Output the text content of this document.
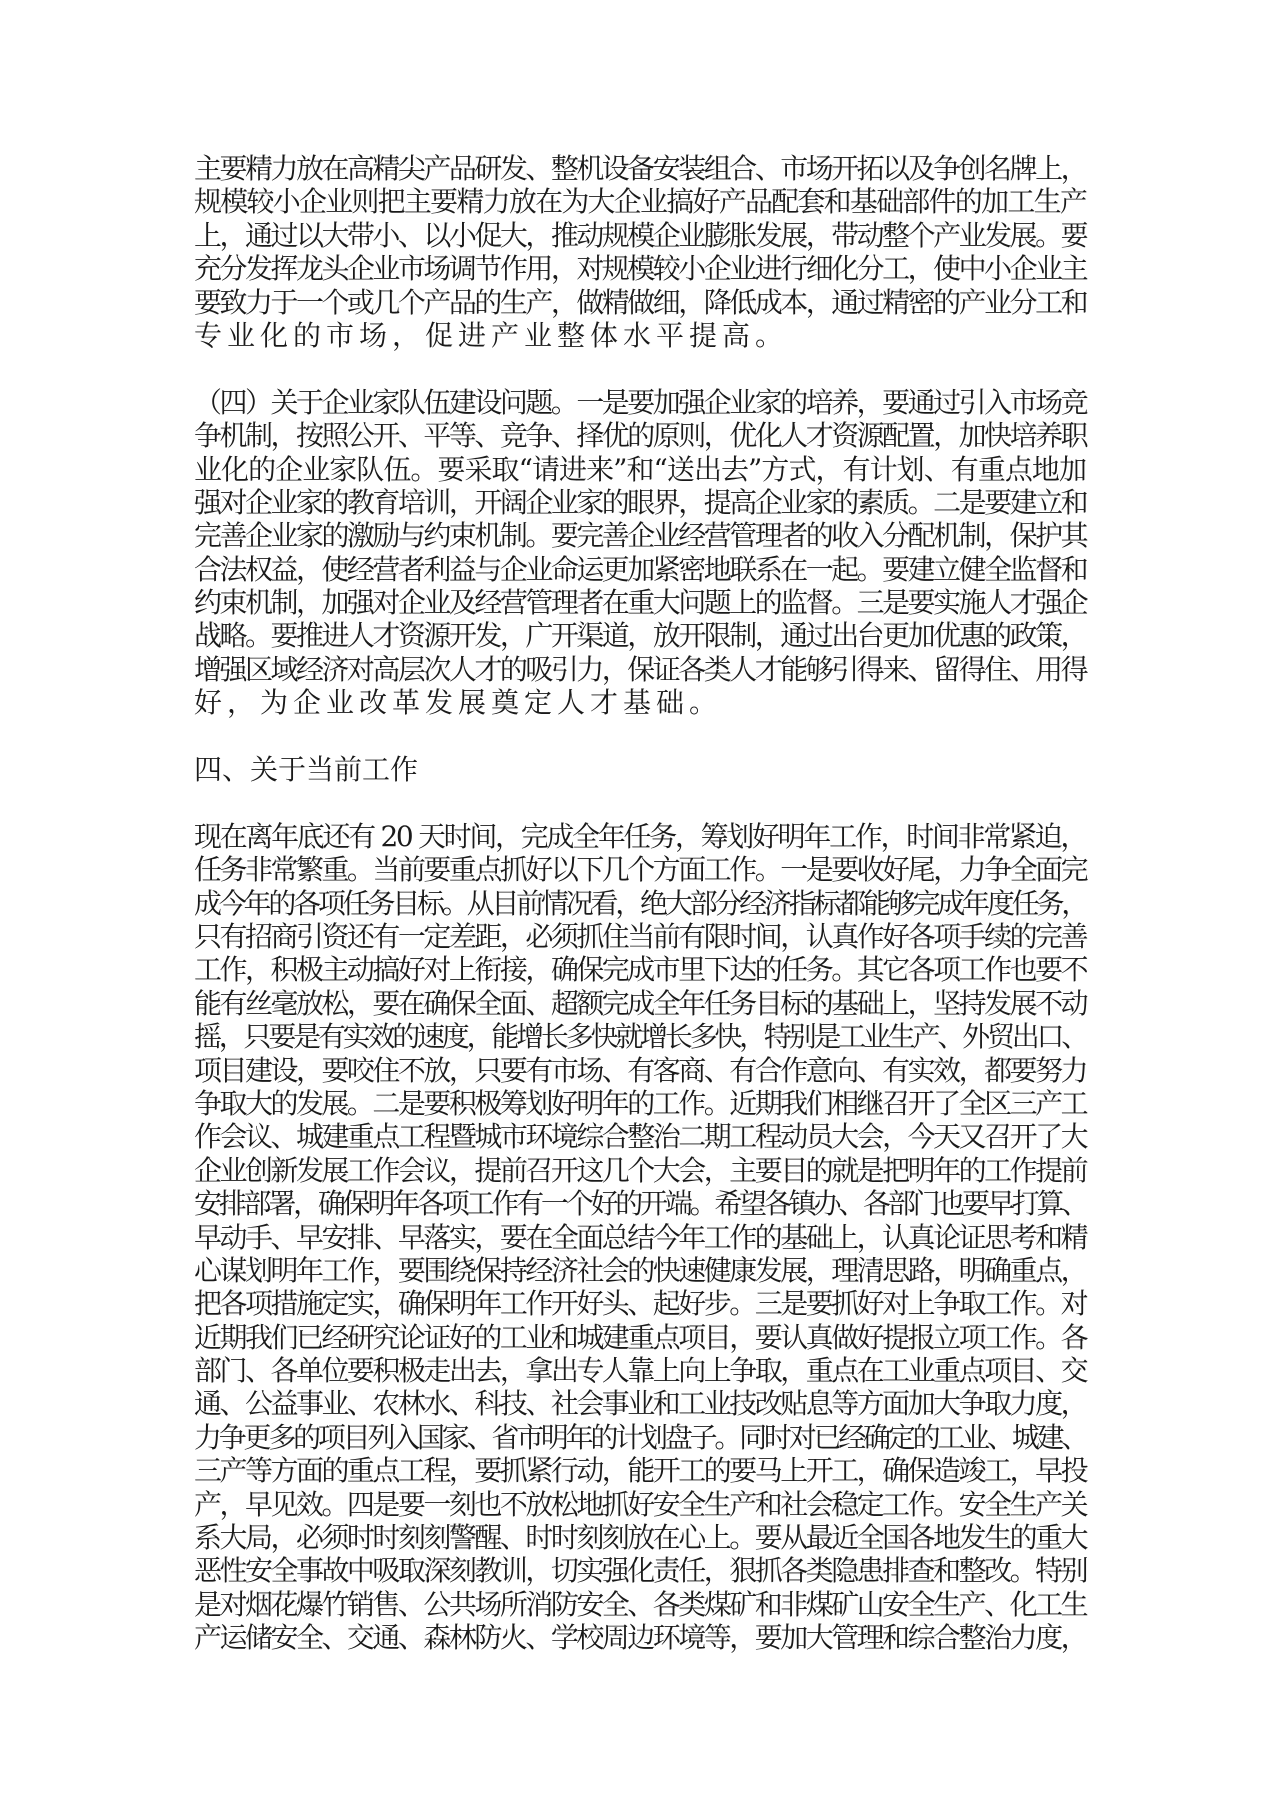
主要精力放在高精尖产品研发、整机设备安装组合、市场开拓以及争创名牌上，
规模较小企业则把主要精力放在为大企业搞好产品配套和基础部件的加工生产
上，通过以大带小、以小促大，推动规模企业膨胀发展，带动整个产业发展。要
充分发挥龙头企业市场调节作用，对规模较小企业进行细化分工，使中小企业主
要致力于一个或几个产品的生产，做精做细，降低成本，通过精密的产业分工和
专业化的市场，促进产业整体水平提高。
（四）关于企业家队伍建设问题。一是要加强企业家的培养，要通过引入市场竞
争机制，按照公开、平等、竞争、择优的原则，优化人才资源配置，加快培养职
业化的企业家队伍。要采取“请进来”和“送出去”方式，有计划、有重点地加
强对企业家的教育培训，开阔企业家的眼界，提高企业家的素质。二是要建立和
完善企业家的激励与约束机制。要完善企业经营管理者的收入分配机制，保护其
合法权益，使经营者利益与企业命运更加紧密地联系在一起。要建立健全监督和
约束机制，加强对企业及经营管理者在重大问题上的监督。三是要实施人才强企
战略。要推进人才资源开发，广开渠道，放开限制，通过出台更加优惠的政策，
增强区域经济对高层次人才的吸引力，保证各类人才能够引得来、留得住、用得
好，为企业改革发展奠定人才基础。
四、关于当前工作
现在离年底还有 20 天时间，完成全年任务，筹划好明年工作，时间非常紧迫，
任务非常繁重。当前要重点抓好以下几个方面工作。一是要收好尾，力争全面完
成今年的各项任务目标。从目前情况看，绝大部分经济指标都能够完成年度任务，
只有招商引资还有一定差距，必须抓住当前有限时间，认真作好各项手续的完善
工作，积极主动搞好对上衔接，确保完成市里下达的任务。其它各项工作也要不
能有丝毫放松，要在确保全面、超额完成全年任务目标的基础上，坚持发展不动
摇，只要是有实效的速度，能增长多快就增长多快，特别是工业生产、外贸出口、
项目建设，要咬住不放，只要有市场、有客商、有合作意向、有实效，都要努力
争取大的发展。二是要积极筹划好明年的工作。近期我们相继召开了全区三产工
作会议、城建重点工程暨城市环境综合整治二期工程动员大会，今天又召开了大
企业创新发展工作会议，提前召开这几个大会，主要目的就是把明年的工作提前
安排部署，确保明年各项工作有一个好的开端。希望各镇办、各部门也要早打算、
早动手、早安排、早落实，要在全面总结今年工作的基础上，认真论证思考和精
心谋划明年工作，要围绕保持经济社会的快速健康发展，理清思路，明确重点，
把各项措施定实，确保明年工作开好头、起好步。三是要抓好对上争取工作。对
近期我们已经研究论证好的工业和城建重点项目，要认真做好提报立项工作。各
部门、各单位要积极走出去，拿出专人靠上向上争取，重点在工业重点项目、交
通、公益事业、农林水、科技、社会事业和工业技改贴息等方面加大争取力度，
力争更多的项目列入国家、省市明年的计划盘子。同时对已经确定的工业、城建、
三产等方面的重点工程，要抓紧行动，能开工的要马上开工，确保造竣工，早投
产，早见效。四是要一刻也不放松地抓好安全生产和社会稳定工作。安全生产关
系大局，必须时时刻刻警醒、时时刻刻放在心上。要从最近全国各地发生的重大
恶性安全事故中吸取深刻教训，切实强化责任，狠抓各类隐患排查和整改。特别
是对烟花爆竹销售、公共场所消防安全、各类煤矿和非煤矿山安全生产、化工生
产运储安全、交通、森林防火、学校周边环境等，要加大管理和综合整治力度，
